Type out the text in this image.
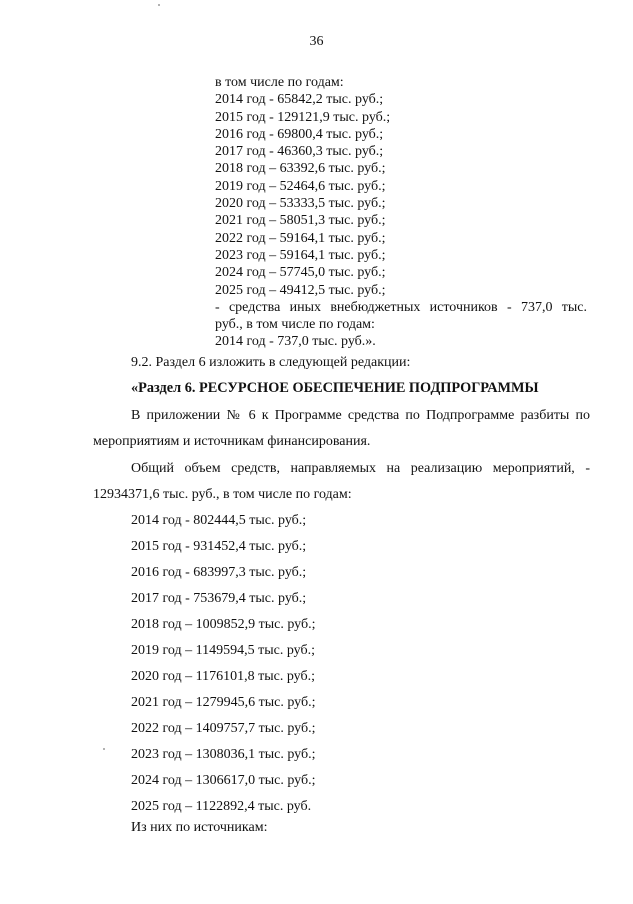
36
в том числе по годам:
2014 год - 65842,2 тыс. руб.;
2015 год - 129121,9 тыс. руб.;
2016 год - 69800,4 тыс. руб.;
2017 год - 46360,3 тыс. руб.;
2018 год – 63392,6 тыс. руб.;
2019 год – 52464,6 тыс. руб.;
2020 год – 53333,5 тыс. руб.;
2021 год – 58051,3 тыс. руб.;
2022 год – 59164,1 тыс. руб.;
2023 год – 59164,1 тыс. руб.;
2024 год – 57745,0 тыс. руб.;
2025 год – 49412,5 тыс. руб.;
- средства иных внебюджетных источников - 737,0 тыс.
руб., в том числе по годам:
2014 год - 737,0 тыс. руб.».
9.2. Раздел 6 изложить в следующей редакции:
«Раздел 6. РЕСУРСНОЕ ОБЕСПЕЧЕНИЕ ПОДПРОГРАММЫ
В приложении № 6 к Программе средства по Подпрограмме разбиты по
мероприятиям и источникам финансирования.
Общий объем средств, направляемых на реализацию мероприятий, -
12934371,6 тыс. руб., в том числе по годам:
2014 год - 802444,5 тыс. руб.;
2015 год - 931452,4 тыс. руб.;
2016 год - 683997,3 тыс. руб.;
2017 год - 753679,4 тыс. руб.;
2018 год – 1009852,9 тыс. руб.;
2019 год – 1149594,5 тыс. руб.;
2020 год – 1176101,8 тыс. руб.;
2021 год – 1279945,6 тыс. руб.;
2022 год – 1409757,7 тыс. руб.;
2023 год – 1308036,1 тыс. руб.;
2024 год – 1306617,0 тыс. руб.;
2025 год – 1122892,4 тыс. руб.
Из них по источникам:
